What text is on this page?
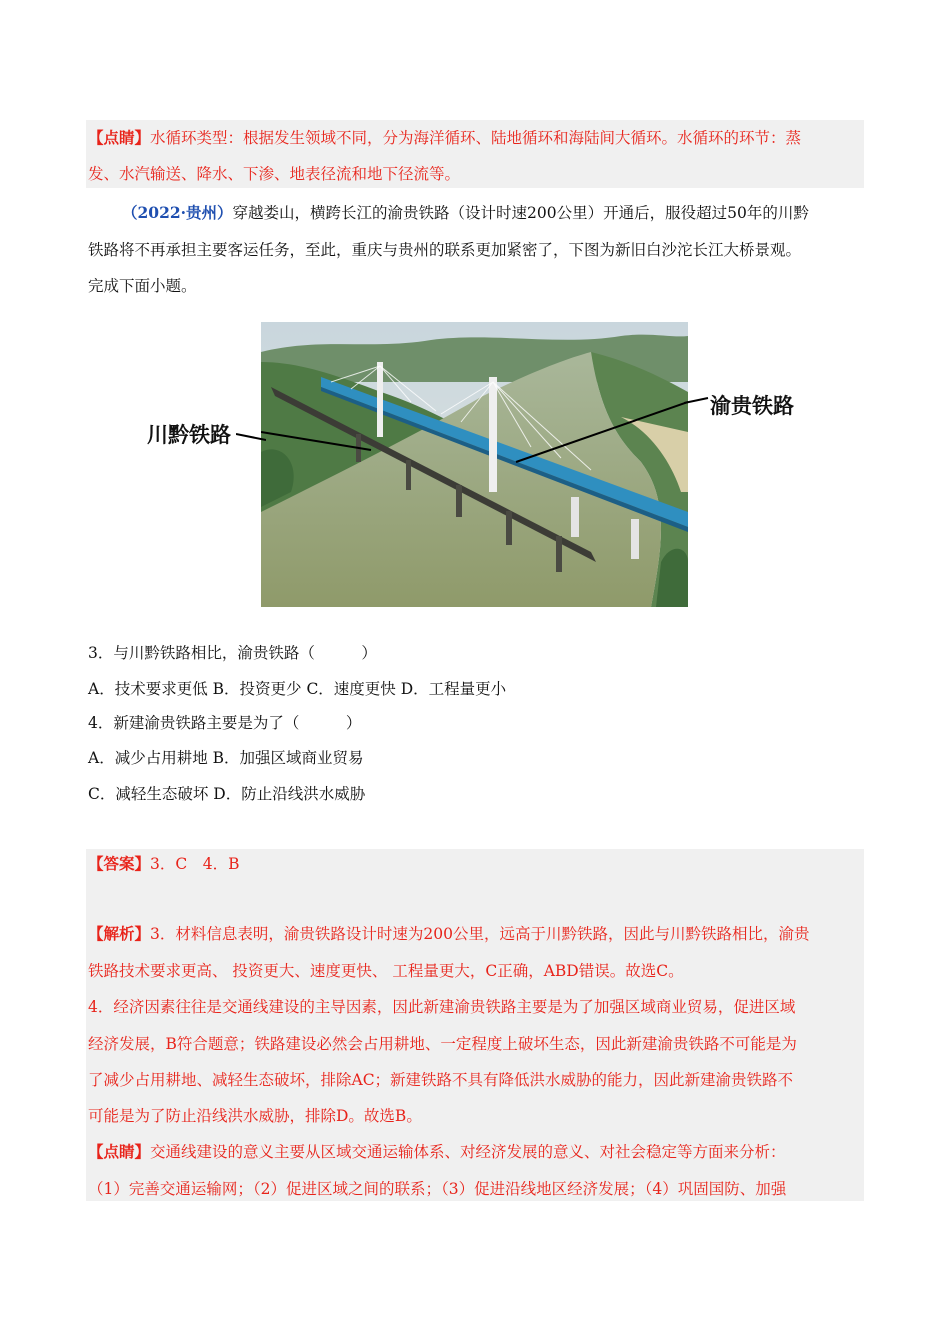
【点睛】水循环类型：根据发生领域不同，分为海洋循环、陆地循环和海陆间大循环。水循环的环节：蒸
发、水汽输送、降水、下渗、地表径流和地下径流等。
（2022·贵州）穿越娄山，横跨长江的渝贵铁路（设计时速200公里）开通后，服役超过50年的川黔
铁路将不再承担主要客运任务，至此，重庆与贵州的联系更加紧密了，下图为新旧白沙沱长江大桥景观。
完成下面小题。
川黔铁路
渝贵铁路
3．与川黔铁路相比，渝贵铁路（　　　）
A．技术要求更低 B．投资更少 C．速度更快 D．工程量更小
4．新建渝贵铁路主要是为了（　　　）
A．减少占用耕地 B．加强区域商业贸易
C．减轻生态破坏 D．防止沿线洪水威胁
【答案】3．C　4．B
【解析】3．材料信息表明，渝贵铁路设计时速为200公里，远高于川黔铁路，因此与川黔铁路相比，渝贵
铁路技术要求更高、 投资更大、速度更快、 工程量更大，C正确，ABD错误。故选C。
4．经济因素往往是交通线建设的主导因素，因此新建渝贵铁路主要是为了加强区域商业贸易，促进区域
经济发展，B符合题意；铁路建设必然会占用耕地、一定程度上破坏生态，因此新建渝贵铁路不可能是为
了减少占用耕地、减轻生态破坏，排除AC；新建铁路不具有降低洪水威胁的能力，因此新建渝贵铁路不
可能是为了防止沿线洪水威胁，排除D。故选B。
【点睛】交通线建设的意义主要从区域交通运输体系、对经济发展的意义、对社会稳定等方面来分析：
（1）完善交通运输网；（2）促进区域之间的联系；（3）促进沿线地区经济发展；（4）巩固国防、加强
